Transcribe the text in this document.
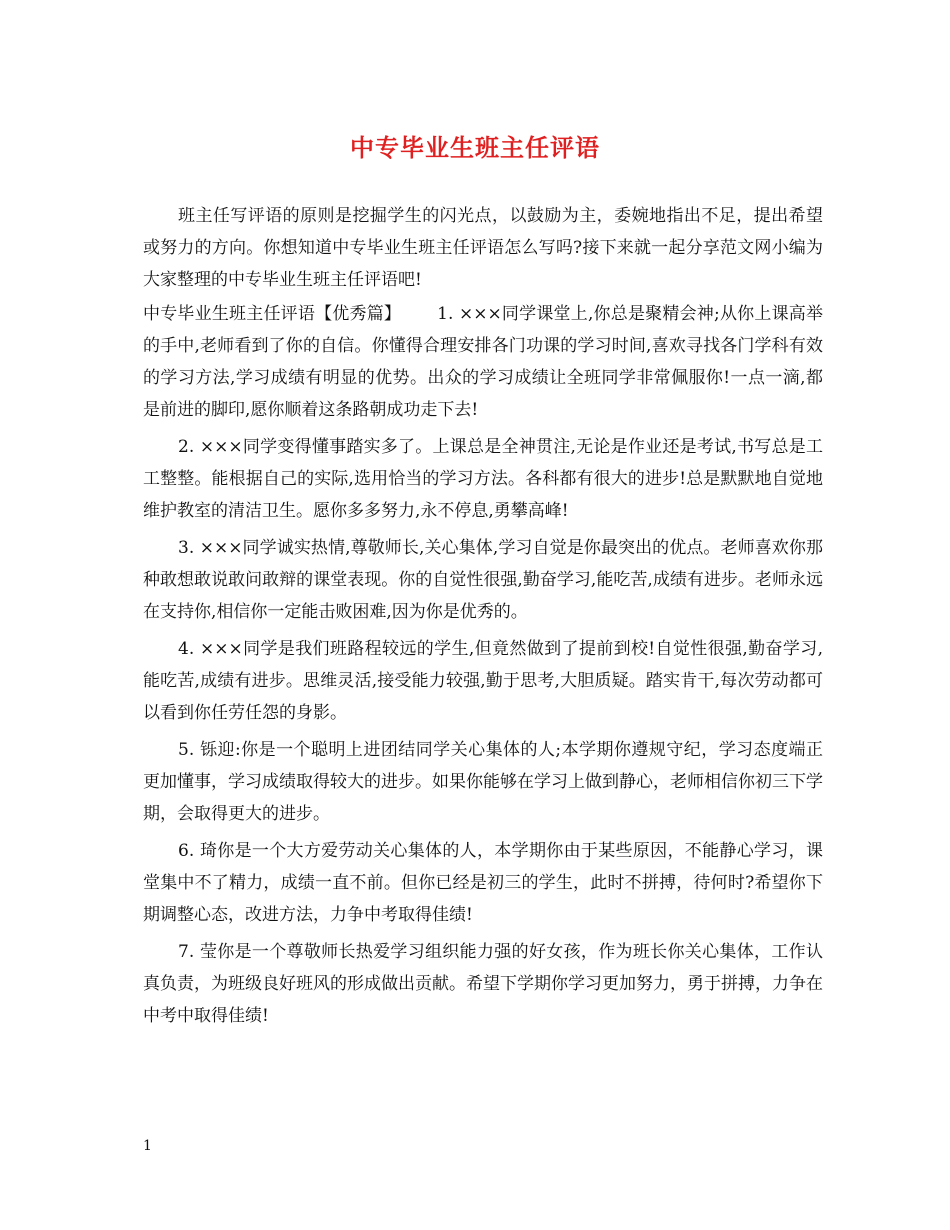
中专毕业生班主任评语

班主任写评语的原则是挖掘学生的闪光点，以鼓励为主，委婉地指出不足，提出希望或努力的方向。你想知道中专毕业生班主任评语怎么写吗?接下来就一起分享范文网小编为大家整理的中专毕业生班主任评语吧!

中专毕业生班主任评语【优秀篇】 1. ×××同学课堂上,你总是聚精会神;从你上课高举的手中,老师看到了你的自信。你懂得合理安排各门功课的学习时间,喜欢寻找各门学科有效的学习方法,学习成绩有明显的优势。出众的学习成绩让全班同学非常佩服你!一点一滴,都是前进的脚印,愿你顺着这条路朝成功走下去!

2. ×××同学变得懂事踏实多了。上课总是全神贯注,无论是作业还是考试,书写总是工工整整。能根据自己的实际,选用恰当的学习方法。各科都有很大的进步!总是默默地自觉地维护教室的清洁卫生。愿你多多努力,永不停息,勇攀高峰!

3. ×××同学诚实热情,尊敬师长,关心集体,学习自觉是你最突出的优点。老师喜欢你那种敢想敢说敢问敢辩的课堂表现。你的自觉性很强,勤奋学习,能吃苦,成绩有进步。老师永远在支持你,相信你一定能击败困难,因为你是优秀的。

4. ×××同学是我们班路程较远的学生,但竟然做到了提前到校!自觉性很强,勤奋学习,能吃苦,成绩有进步。思维灵活,接受能力较强,勤于思考,大胆质疑。踏实肯干,每次劳动都可以看到你任劳任怨的身影。

5. 铄迎:你是一个聪明上进团结同学关心集体的人;本学期你遵规守纪，学习态度端正更加懂事，学习成绩取得较大的进步。如果你能够在学习上做到静心，老师相信你初三下学期，会取得更大的进步。

6. 琦你是一个大方爱劳动关心集体的人，本学期你由于某些原因，不能静心学习，课堂集中不了精力，成绩一直不前。但你已经是初三的学生，此时不拼搏，待何时?希望你下期调整心态，改进方法，力争中考取得佳绩!

7. 莹你是一个尊敬师长热爱学习组织能力强的好女孩，作为班长你关心集体，工作认真负责，为班级良好班风的形成做出贡献。希望下学期你学习更加努力，勇于拼搏，力争在中考中取得佳绩!

1
